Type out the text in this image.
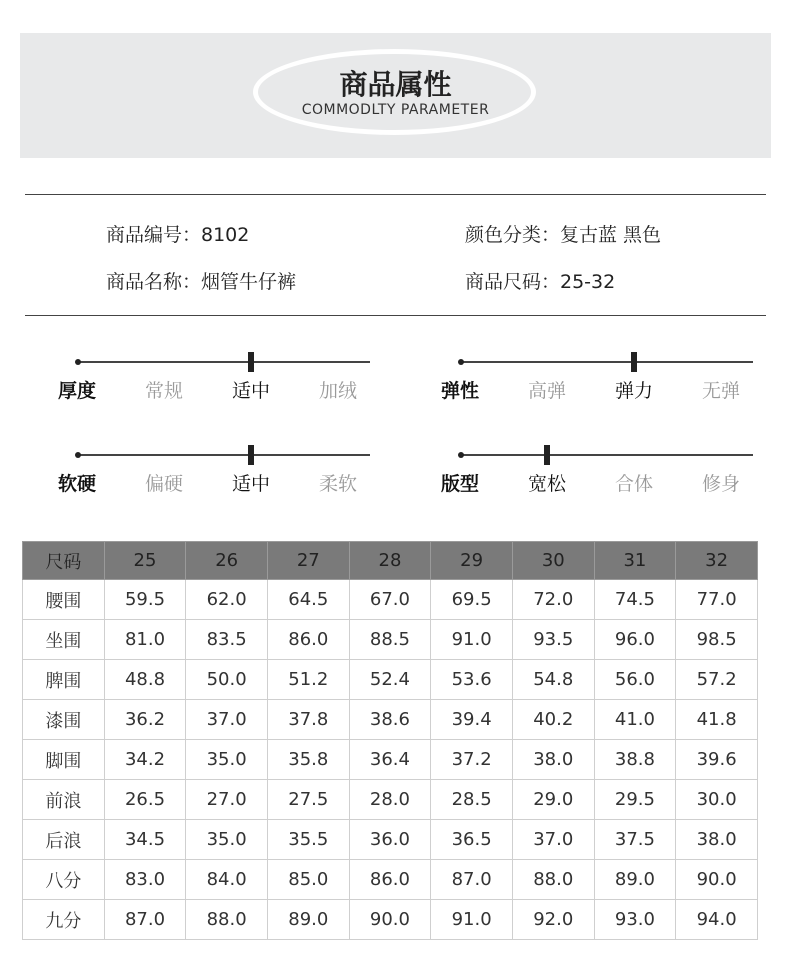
商品属性
COMMODLTY PARAMETER
商品编号：8102	颜色分类：复古蓝 黑色
商品名称：烟管牛仔裤	商品尺码：25-32
厚度	常规	适中	加绒	弹性	高弹	弹力	无弹
软硬	偏硬	适中	柔软	版型	宽松	合体	修身
尺码	25	26	27	28	29	30	31	32
腰围	59.5	62.0	64.5	67.0	69.5	72.0	74.5	77.0
坐围	81.0	83.5	86.0	88.5	91.0	93.5	96.0	98.5
脾围	48.8	50.0	51.2	52.4	53.6	54.8	56.0	57.2
漆围	36.2	37.0	37.8	38.6	39.4	40.2	41.0	41.8
脚围	34.2	35.0	35.8	36.4	37.2	38.0	38.8	39.6
前浪	26.5	27.0	27.5	28.0	28.5	29.0	29.5	30.0
后浪	34.5	35.0	35.5	36.0	36.5	37.0	37.5	38.0
八分	83.0	84.0	85.0	86.0	87.0	88.0	89.0	90.0
九分	87.0	88.0	89.0	90.0	91.0	92.0	93.0	94.0
